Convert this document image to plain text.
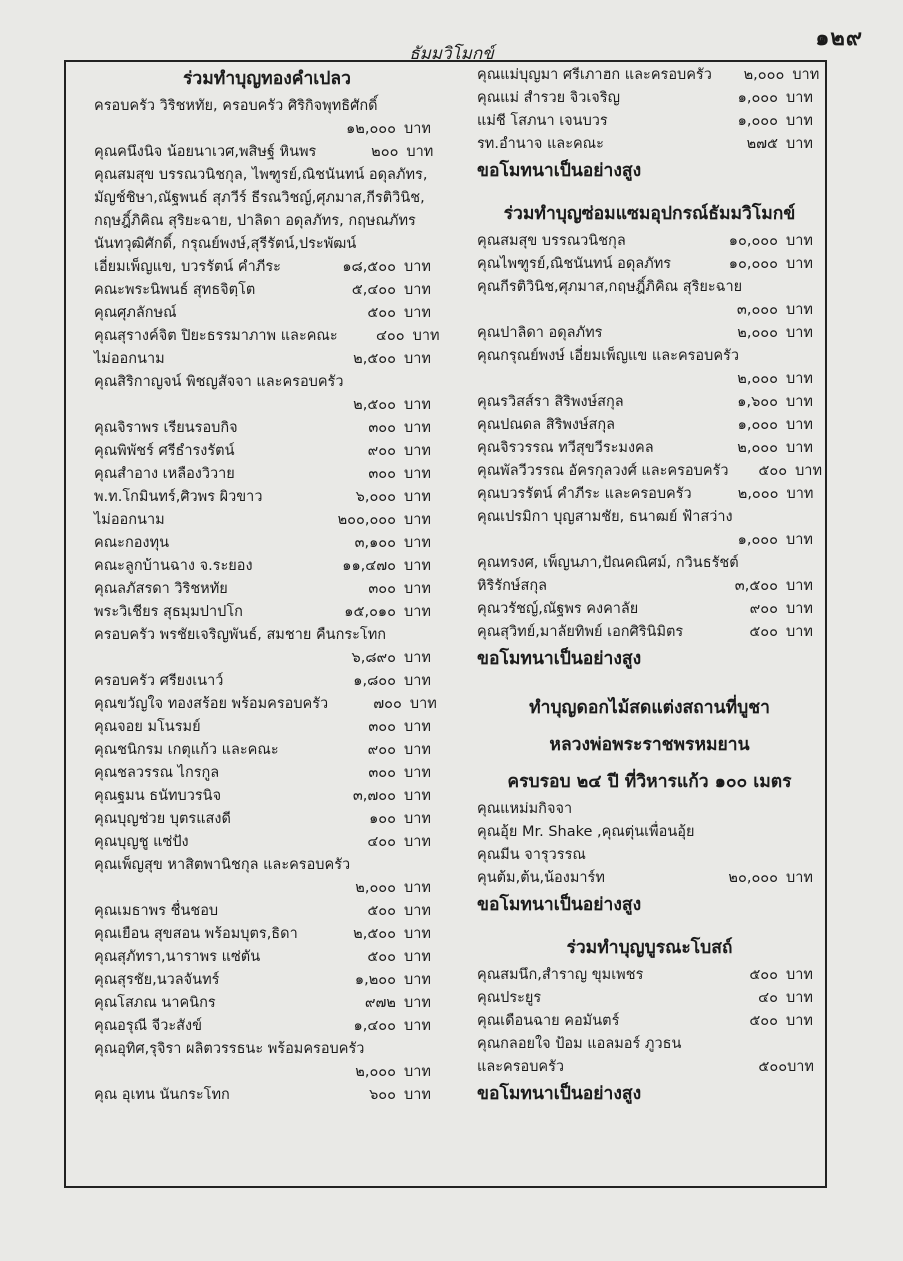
๑๒๙
ธัมมวิโมกข์
ร่วมทำบุญทองคำเปลว
ครอบครัว วิริชหทัย, ครอบครัว ศิริกิจพุทธิศักดิ์
๑๒,๐๐๐ บาท
คุณคนึงนิจ น้อยนาเวศ,พสิษฐ์ หินพร	๒๐๐ บาท
คุณสมสุข บรรณวนิชกุล, ไพฑูรย์,ณิชนันทน์ อดุลภัทร,
มัญช์ชิษา,ณัฐพนธ์ สุภวีร์ ธีรณวิชญ์,ศุภมาส,กีรติวินิช,
กฤษฎิ์ภิคิณ สุริยะฉาย, ปาลิดา อดุลภัทร, กฤษณภัทร
นันทวุฒิศักดิ์, กรุณย์พงษ์,สุรีรัตน์,ประพัฒน์
เอี่ยมเพ็ญแข, บวรรัตน์ คำภีระ	๑๘,๕๐๐ บาท
คณะพระนิพนธ์ สุทธจิตฺโต	๕,๔๐๐ บาท
คุณศุภลักษณ์	๕๐๐ บาท
คุณสุรางค์จิต ปิยะธรรมาภาพ และคณะ	๔๐๐ บาท
ไม่ออกนาม	๒,๕๐๐ บาท
คุณสิริกาญจน์ พิชญสัจจา และครอบครัว
๒,๕๐๐ บาท
คุณจิราพร เรียนรอบกิจ	๓๐๐ บาท
คุณพิพัชร์ ศรีธำรงรัตน์	๙๐๐ บาท
คุณสำอาง เหลืองวิวาย	๓๐๐ บาท
พ.ท.โกมินทร์,ศิวพร ผิวขาว	๖,๐๐๐ บาท
ไม่ออกนาม	๒๐๐,๐๐๐ บาท
คณะกองทุน	๓,๑๐๐ บาท
คณะลูกบ้านฉาง จ.ระยอง	๑๑,๔๗๐ บาท
คุณลภัสรดา วิริชหทัย	๓๐๐ บาท
พระวิเชียร สุธมฺมปาปโก	๑๕,๐๑๐ บาท
ครอบครัว พรชัยเจริญพันธ์, สมชาย คืนกระโทก
๖,๘๙๐ บาท
ครอบครัว ศรียงเนาว์	๑,๘๐๐ บาท
คุณขวัญใจ ทองสร้อย พร้อมครอบครัว	๗๐๐ บาท
คุณจอย มโนรมย์	๓๐๐ บาท
คุณชนิกรม เกตุแก้ว และคณะ	๙๐๐ บาท
คุณชลวรรณ ไกรกูล	๓๐๐ บาท
คุณฐมน ธนัทบวรนิจ	๓,๗๐๐ บาท
คุณบุญช่วย บุตรแสงดี	๑๐๐ บาท
คุณบุญชู แซ่ปัง	๔๐๐ บาท
คุณเพ็ญสุข หาสิตพานิชกุล และครอบครัว
๒,๐๐๐ บาท
คุณเมธาพร ชื่นชอบ	๕๐๐ บาท
คุณเยือน สุขสอน พร้อมบุตร,ธิดา	๒,๕๐๐ บาท
คุณสุภัทรา,นาราพร แซ่ตัน	๕๐๐ บาท
คุณสุรชัย,นวลจันทร์	๑,๒๐๐ บาท
คุณโสภณ นาคนิกร	๙๗๒ บาท
คุณอรุณี จีวะสังข์	๑,๔๐๐ บาท
คุณอุทิศ,รุจิรา ผลิตวรรธนะ พร้อมครอบครัว
๒,๐๐๐ บาท
คุณ อุเทน นันกระโทก	๖๐๐ บาท
คุณแม่บุญมา ศรีเภาฮก และครอบครัว	๒,๐๐๐ บาท
คุณแม่ สำรวย จิวเจริญ	๑,๐๐๐ บาท
แม่ชี โสภนา เจนบวร	๑,๐๐๐ บาท
รท.อำนาจ และคณะ	๒๗๕ บาท
ขอโมทนาเป็นอย่างสูง
ร่วมทำบุญซ่อมแซมอุปกรณ์ธัมมวิโมกข์
คุณสมสุข บรรณวนิชกุล	๑๐,๐๐๐ บาท
คุณไพฑูรย์,ณิชนันทน์ อดุลภัทร	๑๐,๐๐๐ บาท
คุณกีรติวินิช,ศุภมาส,กฤษฎิ์ภิคิณ สุริยะฉาย
๓,๐๐๐ บาท
คุณปาลิดา อดุลภัทร	๒,๐๐๐ บาท
คุณกรุณย์พงษ์ เอี่ยมเพ็ญแข และครอบครัว
๒,๐๐๐ บาท
คุณรวิสส์รา สิริพงษ์สกุล	๑,๖๐๐ บาท
คุณปณดล สิริพงษ์สกุล	๑,๐๐๐ บาท
คุณจิรวรรณ ทวีสุขวีระมงคล	๒,๐๐๐ บาท
คุณพัลวีวรรณ อัครกุลวงศ์ และครอบครัว	๕๐๐ บาท
คุณบวรรัตน์ คำภีระ และครอบครัว	๒,๐๐๐ บาท
คุณเปรมิกา บุญสามชัย, ธนาฒย์ ฟ้าสว่าง
๑,๐๐๐ บาท
คุณทรงศ, เพ็ญนภา,ปัณคณิศม์, กวินธรัชต์
หิริรักษ์สกุล	๓,๕๐๐ บาท
คุณวรัชญ์,ณัฐพร คงคาลัย	๙๐๐ บาท
คุณสุวิทย์,มาลัยทิพย์ เอกศิรินิมิตร	๕๐๐ บาท
ขอโมทนาเป็นอย่างสูง
ทำบุญดอกไม้สดแต่งสถานที่บูชา
หลวงพ่อพระราชพรหมยาน
ครบรอบ ๒๔ ปี ที่วิหารแก้ว ๑๐๐ เมตร
คุณแหม่มกิจจา
คุณอุ้ย Mr. Shake ,คุณตุ่นเพื่อนอุ้ย
คุณมีน จารุวรรณ
คุนต้ม,ต้น,น้องมาร์ท	๒๐,๐๐๐ บาท
ขอโมทนาเป็นอย่างสูง
ร่วมทำบุญบูรณะโบสถ์
คุณสมนึก,สำราญ ขุมเพชร	๕๐๐ บาท
คุณประยูร	๔๐ บาท
คุณเดือนฉาย คอมันตร์	๕๐๐ บาท
คุณกลอยใจ ป้อม แอลมอร์ ภูวธน
และครอบครัว	๕๐๐บาท
ขอโมทนาเป็นอย่างสูง
